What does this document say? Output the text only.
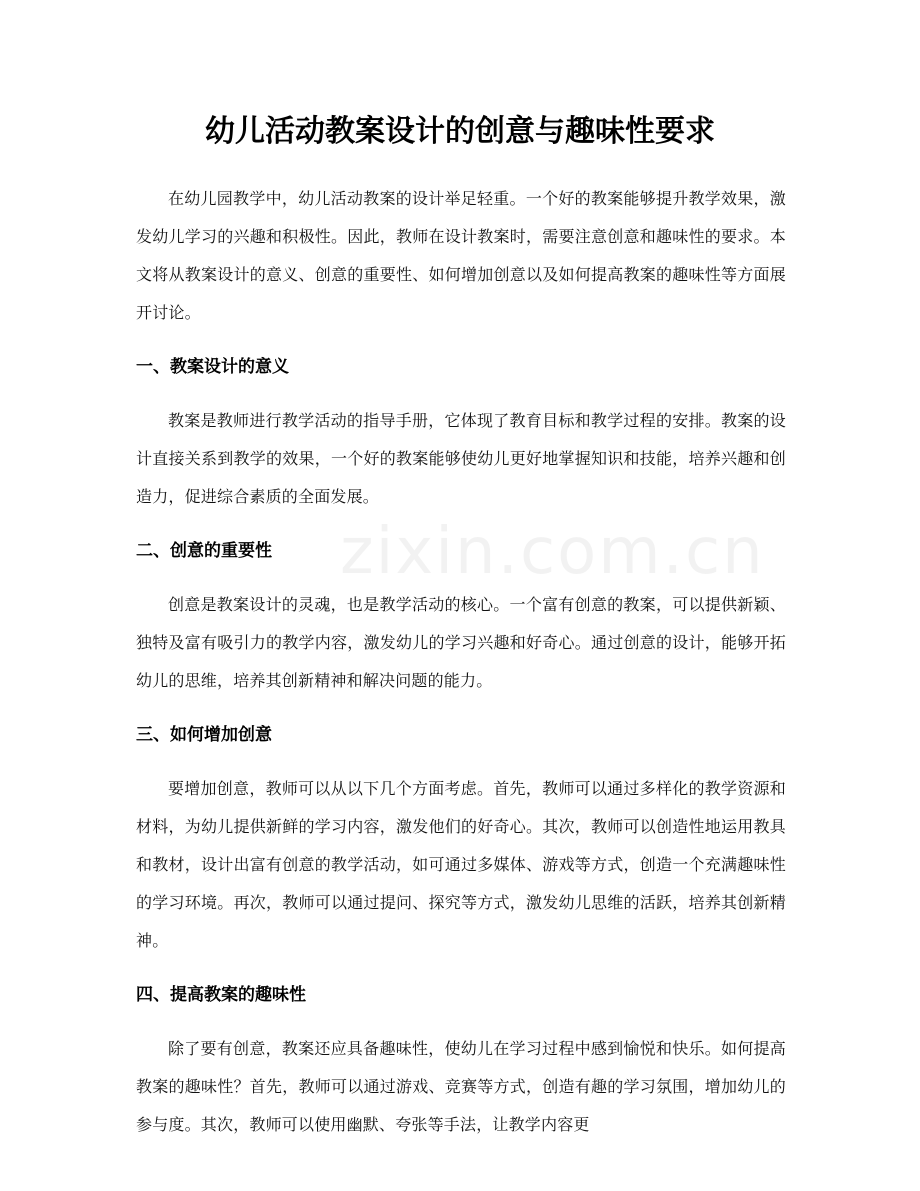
zixin.com.cn
幼儿活动教案设计的创意与趣味性要求

在幼儿园教学中，幼儿活动教案的设计举足轻重。一个好的教案能够提升教学效果，激发幼儿学习的兴趣和积极性。因此，教师在设计教案时，需要注意创意和趣味性的要求。本文将从教案设计的意义、创意的重要性、如何增加创意以及如何提高教案的趣味性等方面展开讨论。

一、教案设计的意义

教案是教师进行教学活动的指导手册，它体现了教育目标和教学过程的安排。教案的设计直接关系到教学的效果，一个好的教案能够使幼儿更好地掌握知识和技能，培养兴趣和创造力，促进综合素质的全面发展。

二、创意的重要性

创意是教案设计的灵魂，也是教学活动的核心。一个富有创意的教案，可以提供新颖、独特及富有吸引力的教学内容，激发幼儿的学习兴趣和好奇心。通过创意的设计，能够开拓幼儿的思维，培养其创新精神和解决问题的能力。

三、如何增加创意

要增加创意，教师可以从以下几个方面考虑。首先，教师可以通过多样化的教学资源和材料，为幼儿提供新鲜的学习内容，激发他们的好奇心。其次，教师可以创造性地运用教具和教材，设计出富有创意的教学活动，如可通过多媒体、游戏等方式，创造一个充满趣味性的学习环境。再次，教师可以通过提问、探究等方式，激发幼儿思维的活跃，培养其创新精神。

四、提高教案的趣味性

除了要有创意，教案还应具备趣味性，使幼儿在学习过程中感到愉悦和快乐。如何提高教案的趣味性？首先，教师可以通过游戏、竞赛等方式，创造有趣的学习氛围，增加幼儿的参与度。其次，教师可以使用幽默、夸张等手法，让教学内容更
